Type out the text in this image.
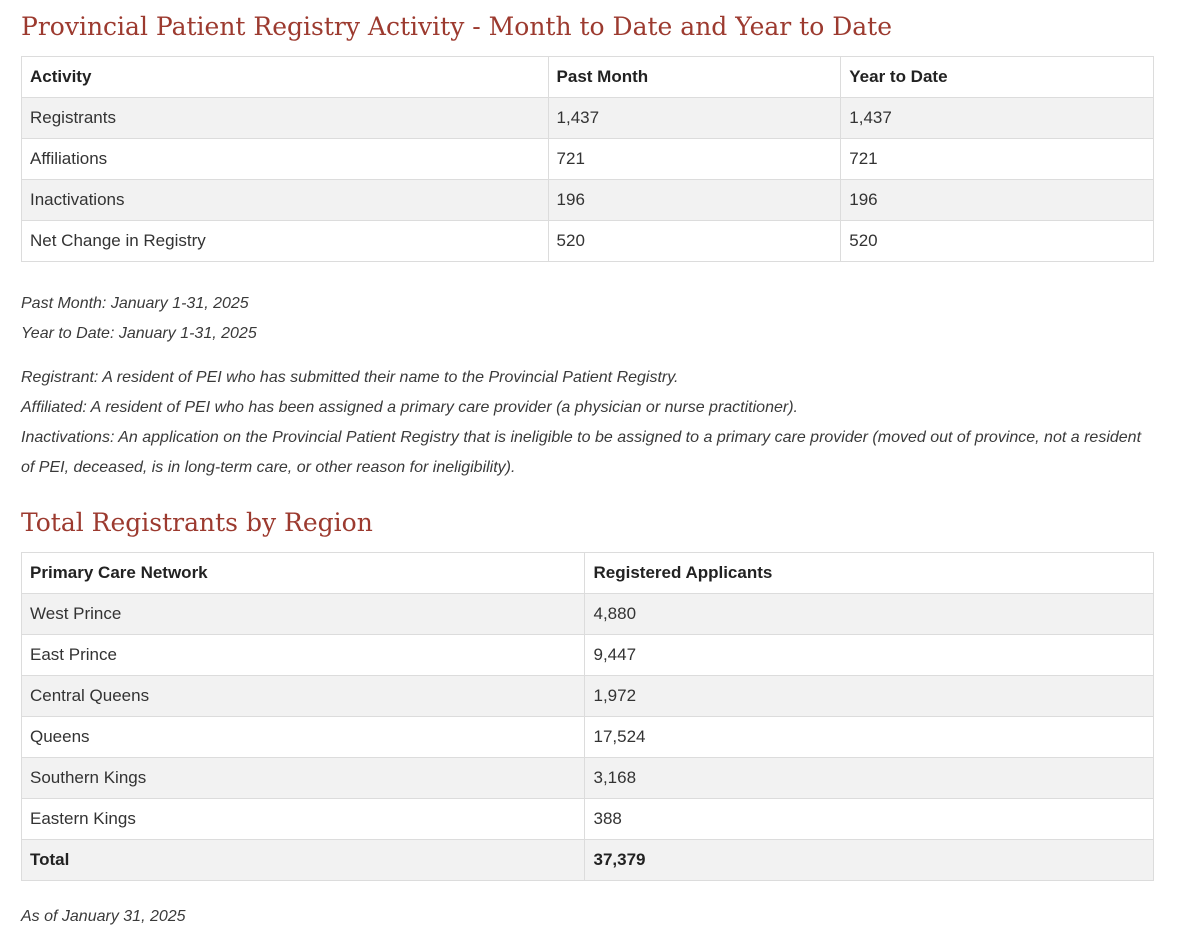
Provincial Patient Registry Activity - Month to Date and Year to Date
Activity	Past Month	Year to Date
Registrants	1,437	1,437
Affiliations	721	721
Inactivations	196	196
Net Change in Registry	520	520
Past Month: January 1-31, 2025
Year to Date: January 1-31, 2025
Registrant: A resident of PEI who has submitted their name to the Provincial Patient Registry.
Affiliated: A resident of PEI who has been assigned a primary care provider (a physician or nurse practitioner).
Inactivations: An application on the Provincial Patient Registry that is ineligible to be assigned to a primary care provider (moved out of province, not a resident of PEI, deceased, is in long-term care, or other reason for ineligibility).
Total Registrants by Region
Primary Care Network	Registered Applicants
West Prince	4,880
East Prince	9,447
Central Queens	1,972
Queens	17,524
Southern Kings	3,168
Eastern Kings	388
Total	37,379
As of January 31, 2025
